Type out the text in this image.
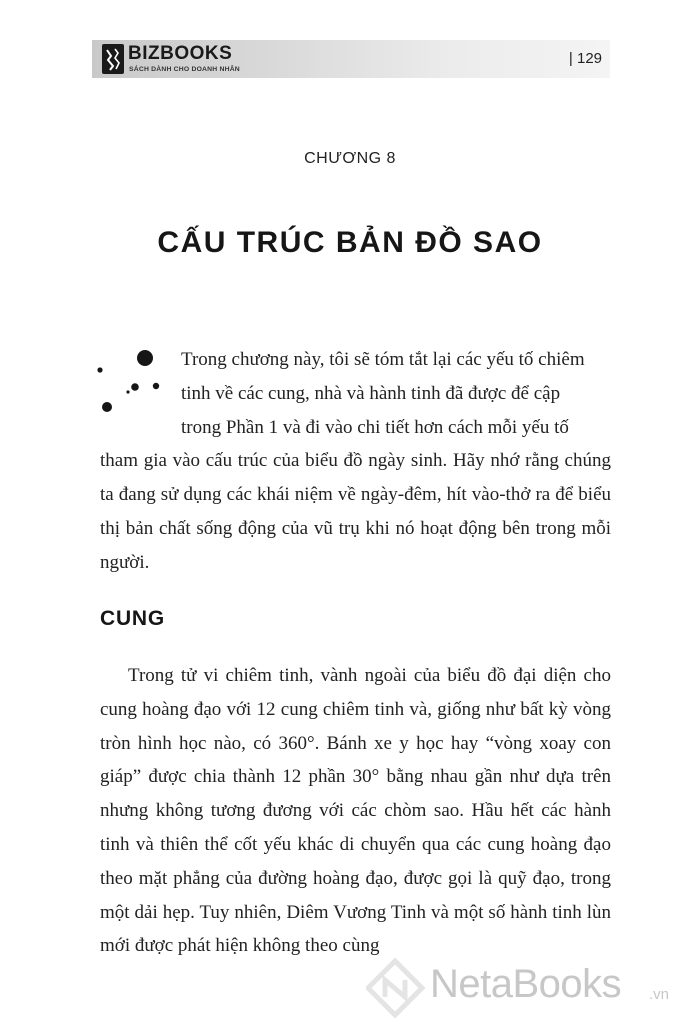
BIZBOOKS
SÁCH DÀNH CHO DOANH NHÂN
| 129
CHƯƠNG 8
CẤU TRÚC BẢN ĐỒ SAO
Trong chương này, tôi sẽ tóm tắt lại các yếu tố chiêm
tinh về các cung, nhà và hành tinh đã được để cập
trong Phần 1 và đi vào chi tiết hơn cách mỗi yếu tố
tham gia vào cấu trúc của biểu đồ ngày sinh. Hãy nhớ rằng chúng ta đang sử dụng các khái niệm về ngày-đêm, hít vào-thở ra để biểu thị bản chất sống động của vũ trụ khi nó hoạt động bên trong mỗi người.
CUNG
Trong tử vi chiêm tinh, vành ngoài của biểu đồ đại diện cho cung hoàng đạo với 12 cung chiêm tinh và, giống như bất kỳ vòng tròn hình học nào, có 360°. Bánh xe y học hay “vòng xoay con giáp” được chia thành 12 phần 30° bằng nhau gần như dựa trên nhưng không tương đương với các chòm sao. Hầu hết các hành tinh và thiên thể cốt yếu khác di chuyển qua các cung hoàng đạo theo mặt phẳng của đường hoàng đạo, được gọi là quỹ đạo, trong một dải hẹp. Tuy nhiên, Diêm Vương Tinh và một số hành tinh lùn mới được phát hiện không theo cùng
NetaBooks .vn
